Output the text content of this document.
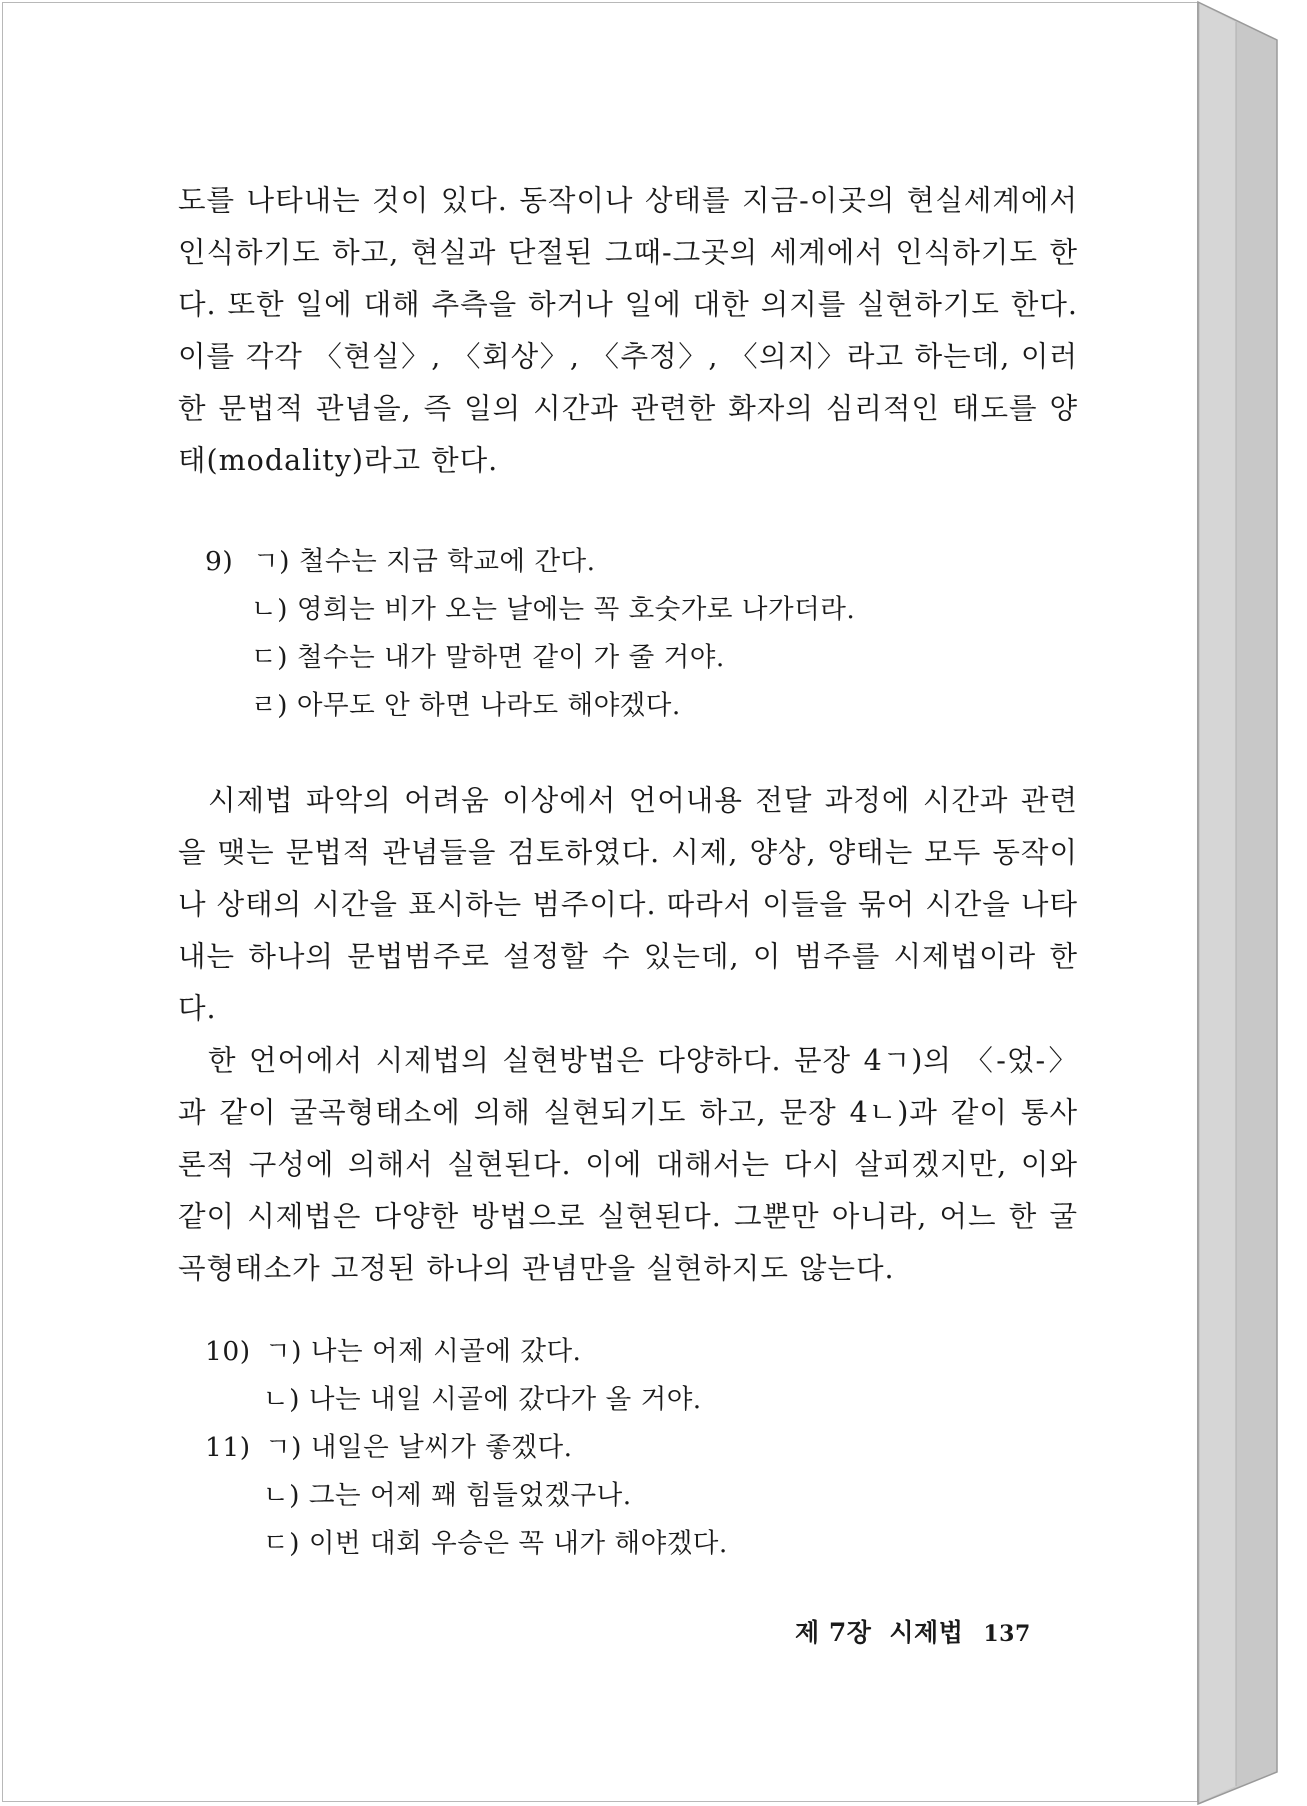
도를 나타내는 것이 있다. 동작이나 상태를 지금-이곳의 현실세계에서 인식하기도 하고, 현실과 단절된 그때-그곳의 세계에서 인식하기도 한다. 또한 일에 대해 추측을 하거나 일에 대한 의지를 실현하기도 한다. 이를 각각 〈현실〉, 〈회상〉, 〈추정〉, 〈의지〉라고 하는데, 이러한 문법적 관념을, 즉 일의 시간과 관련한 화자의 심리적인 태도를 양태(modality)라고 한다.

9) ㄱ) 철수는 지금 학교에 간다.
ㄴ) 영희는 비가 오는 날에는 꼭 호숫가로 나가더라.
ㄷ) 철수는 내가 말하면 같이 가 줄 거야.
ㄹ) 아무도 안 하면 나라도 해야겠다.

시제법 파악의 어려움 이상에서 언어내용 전달 과정에 시간과 관련을 맺는 문법적 관념들을 검토하였다. 시제, 양상, 양태는 모두 동작이나 상태의 시간을 표시하는 범주이다. 따라서 이들을 묶어 시간을 나타내는 하나의 문법범주로 설정할 수 있는데, 이 범주를 시제법이라 한다.

한 언어에서 시제법의 실현방법은 다양하다. 문장 4ㄱ)의 〈-었-〉과 같이 굴곡형태소에 의해 실현되기도 하고, 문장 4ㄴ)과 같이 통사론적 구성에 의해서 실현된다. 이에 대해서는 다시 살피겠지만, 이와 같이 시제법은 다양한 방법으로 실현된다. 그뿐만 아니라, 어느 한 굴곡형태소가 고정된 하나의 관념만을 실현하지도 않는다.

10) ㄱ) 나는 어제 시골에 갔다.
ㄴ) 나는 내일 시골에 갔다가 올 거야.
11) ㄱ) 내일은 날씨가 좋겠다.
ㄴ) 그는 어제 꽤 힘들었겠구나.
ㄷ) 이번 대회 우승은 꼭 내가 해야겠다.
제 7장 시제법 137
